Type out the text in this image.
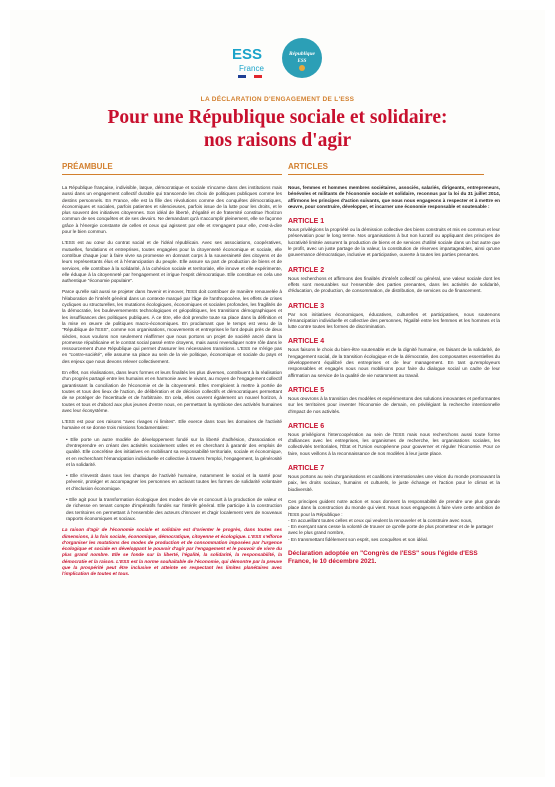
ESS
France
République
ESS
LA DÉCLARATION D'ENGAGEMENT DE L'ESS
Pour une République sociale et solidaire:
nos raisons d'agir
PRÉAMBULE

La République française, indivisible, laïque, démocratique et sociale s'incarne dans des institutions mais aussi dans un engagement collectif durable qui transcende les choix de politiques publiques comme les destins personnels. En France, elle est la fille des révolutions comme des conquêtes démocratiques, économiques et sociales, parfois patientes et silencieuses, parfois issue de la lutte pour les droits, et le plus souvent des initiatives citoyennes. Son idéal de liberté, d'égalité et de fraternité constitue l'horizon commun de ses conquêtes et de ses devoirs. Ne demandant qu'à s'accomplir pleinement, elle se façonne grâce à l'énergie constante de celles et ceux qui agissent par elle et s'engagent pour elle, c'est-à-dire pour le bien commun.

L'ESS est au cœur du contrat social et de l'idéal républicain. Avec ses associations, coopératives, mutuelles, fondations et entreprises, toutes engagées pour la citoyenneté économique et sociale, elle contribue chaque jour à faire vivre sa promesse en donnant corps à la souveraineté des citoyens et de leurs représentants élus et à l'émancipation du peuple. Elle assure sa part de production de biens et de services, elle contribue à la solidarité, à la cohésion sociale et territoriale, elle innove et elle expérimente, elle éduque à la citoyenneté par l'engagement et irrigue l'esprit démocratique. Elle constitue en cela une authentique "économie populaire".

Parce qu'elle sait aussi se projeter dans l'avenir et innover, l'ESS doit contribuer de manière renouvelée à l'élaboration de l'intérêt général dans un contexte marqué par l'âge de l'anthropocène, les effets de crises cycliques ou structurelles, les mutations écologiques, économiques et sociales profondes, les fragilités de la démocratie, les bouleversements technologiques et géopolitiques, les transitions démographiques et les insuffisances des politiques publiques. À ce titre, elle doit prendre toute sa place dans la définition et la mise en œuvre de politiques macro-économiques. En proclamant que le temps est venu de la "République de l'ESS", comme nos organisations, mouvements et entreprises le font depuis près de deux siècles, nous voulons non seulement réaffirmer que nous portons un projet de société ancré dans la promesse républicaine et le contrat social passé entre citoyens, mais aussi revendiquer notre rôle dans le ressourcement d'une République qui permet d'assurer les nécessaires transitions. L'ESS ne s'érige pas en "contre-société", elle assume sa place au sein de la vie politique, économique et sociale du pays et des enjeux que nous devons relever collectivement.

En effet, nos réalisations, dans leurs formes et leurs finalités les plus diverses, contribuent à la réalisation d'un progrès partagé entre les humains et en harmonie avec le vivant, au moyen de l'engagement collectif garantissant la conciliation de l'économie et de la citoyenneté. Elles s'emploient à mettre à portée de toutes et tous des lieux de l'action, de délibération et de décision collectifs et démocratiques permettant de se protéger de l'incertitude et de l'arbitraire. En cela, elles ouvrent également un nouvel horizon, à toutes et tous et d'abord aux plus jeunes d'entre nous, en permettant la symbiose des activités humaines avec leur écosystème.

L'ESS est pour ces raisons "avec rivages ni limites". Elle exerce dans tous les domaines de l'activité humaine et se donne trois missions fondamentales:

• Elle porte un autre modèle de développement fondé sur la liberté d'adhésion, d'association et d'entreprendre en créant des activités socialement utiles et en cherchant à garantir des emplois de qualité. Elle concrétise des initiatives en mobilisant sa responsabilité territoriale, sociale et économique, et en recherchant l'émancipation individuelle et collective à travers l'emploi, l'engagement, la générosité et la solidarité.

• Elle s'investit dans tous les champs de l'activité humaine, notamment le social et la santé pour prévenir, protéger et accompagner les personnes en activant toutes les formes de solidarité volontaire et d'inclusion économique.

• Elle agit pour la transformation écologique des modes de vie et concourt à la production de valeur et de richesse en tenant compte d'impératifs fondés sur l'intérêt général. Elle participe à la construction des territoires en permettant à l'ensemble des acteurs d'innover et d'agir localement vers de nouveaux rapports économiques et sociaux.

La raison d'agir de l'économie sociale et solidaire est d'orienter le progrès, dans toutes ses dimensions, à la fois sociale, économique, démocratique, citoyenne et écologique. L'ESS s'efforce d'organiser les mutations des modes de production et de consommation imposées par l'urgence écologique et sociale en développant le pouvoir d'agir par l'engagement et le pouvoir de vivre du plus grand nombre. Elle se fonde sur la liberté, l'égalité, la solidarité, la responsabilité, la démocratie et la raison. L'ESS est la norme souhaitable de l'économie, qui démontre par la preuve que la prospérité peut être inclusive et atteinte en respectant les limites planétaires avec l'implication de toutes et tous.

ARTICLES

Nous, femmes et hommes membres sociétaires, associés, salariés, dirigeants, entrepreneurs, bénévoles et militants de l'économie sociale et solidaire, reconnus par la loi du 31 juillet 2014, affirmons les principes d'action suivants, que nous nous engageons à respecter et à mettre en œuvre, pour construire, développer, et incarner une économie responsable et soutenable :

ARTICLE 1

Nous privilégions la propriété ou la démission collective des biens construits et mis en commun et leur préservation pour le long terme. Nos organisations à but non lucratif ou appliquant des principes de lucrativité limitée assurent la production de biens et de services d'utilité sociale dans un but autre que le profit, avec un juste partage de la valeur, la constitution de réserves impartageables, ainsi qu'une gouvernance démocratique, inclusive et participative, ouverte à toutes les parties prenantes.

ARTICLE 2

Nous recherchons et affirmons des finalités d'intérêt collectif ou général, une valeur sociale dont les effets sont mesurables sur l'ensemble des parties prenantes, dans les activités de solidarité, d'éducation, de production, de consommation, de distribution, de services ou de financement.

ARTICLE 3

Par nos initiatives économiques, éducatives, culturelles et participatives, nous soutenons l'émancipation individuelle et collective des personnes, l'égalité entre les femmes et les hommes et la lutte contre toutes les formes de discrimination.

ARTICLE 4

Nous faisons le choix du bien-être soutenable et de la dignité humaine, en faisant de la solidarité, de l'engagement social, de la transition écologique et de la démocratie, des composantes essentielles du développement équilibré des entreprises et de leur management. En tant qu'employeurs responsables et engagés nous nous mobilisons pour faire du dialogue social un cadre de leur affirmation au service de la qualité de vie notamment au travail.

ARTICLE 5

Nous œuvrons à la transition des modèles et expérimentons des solutions innovantes et performantes sur les territoires pour inventer l'économie de demain, en privilégiant la recherche intentionnelle d'impact de nos activités.

ARTICLE 6

Nous privilégions l'intercoopération au sein de l'ESS mais nous recherchons aussi toute forme d'alliances avec les entreprises, les organismes de recherche, les organisations sociales, les collectivités territoriales, l'État et l'Union européenne pour gouverner et réguler l'économie. Pour ce faire, nous veillons à la reconnaissance de nos modèles à leur juste place.

ARTICLE 7

Nous portons au sein d'organisations et coalitions internationales une vision du monde promouvant la paix, les droits sociaux, humains et culturels, le juste échange et l'action pour le climat et la biodiversité.

Ces principes guident notre action et nous donnent la responsabilité de prendre une plus grande place dans la construction du monde qui vient. Nous nous engageons à faire vivre cette ambition de l'ESS pour la République :

- En accueillant toutes celles et ceux qui veulent la renouveler et la construire avec nous,

- En exerçant sans cesse la volonté de trouver ce qu'elle porte de plus prometteur et de le partager avec le plus grand nombre,

- En transmettant fidèlement son esprit, ses conquêtes et son idéal.

Déclaration adoptée en "Congrès de l'ESS" sous l'égide d'ESS France, le 10 décembre 2021.
